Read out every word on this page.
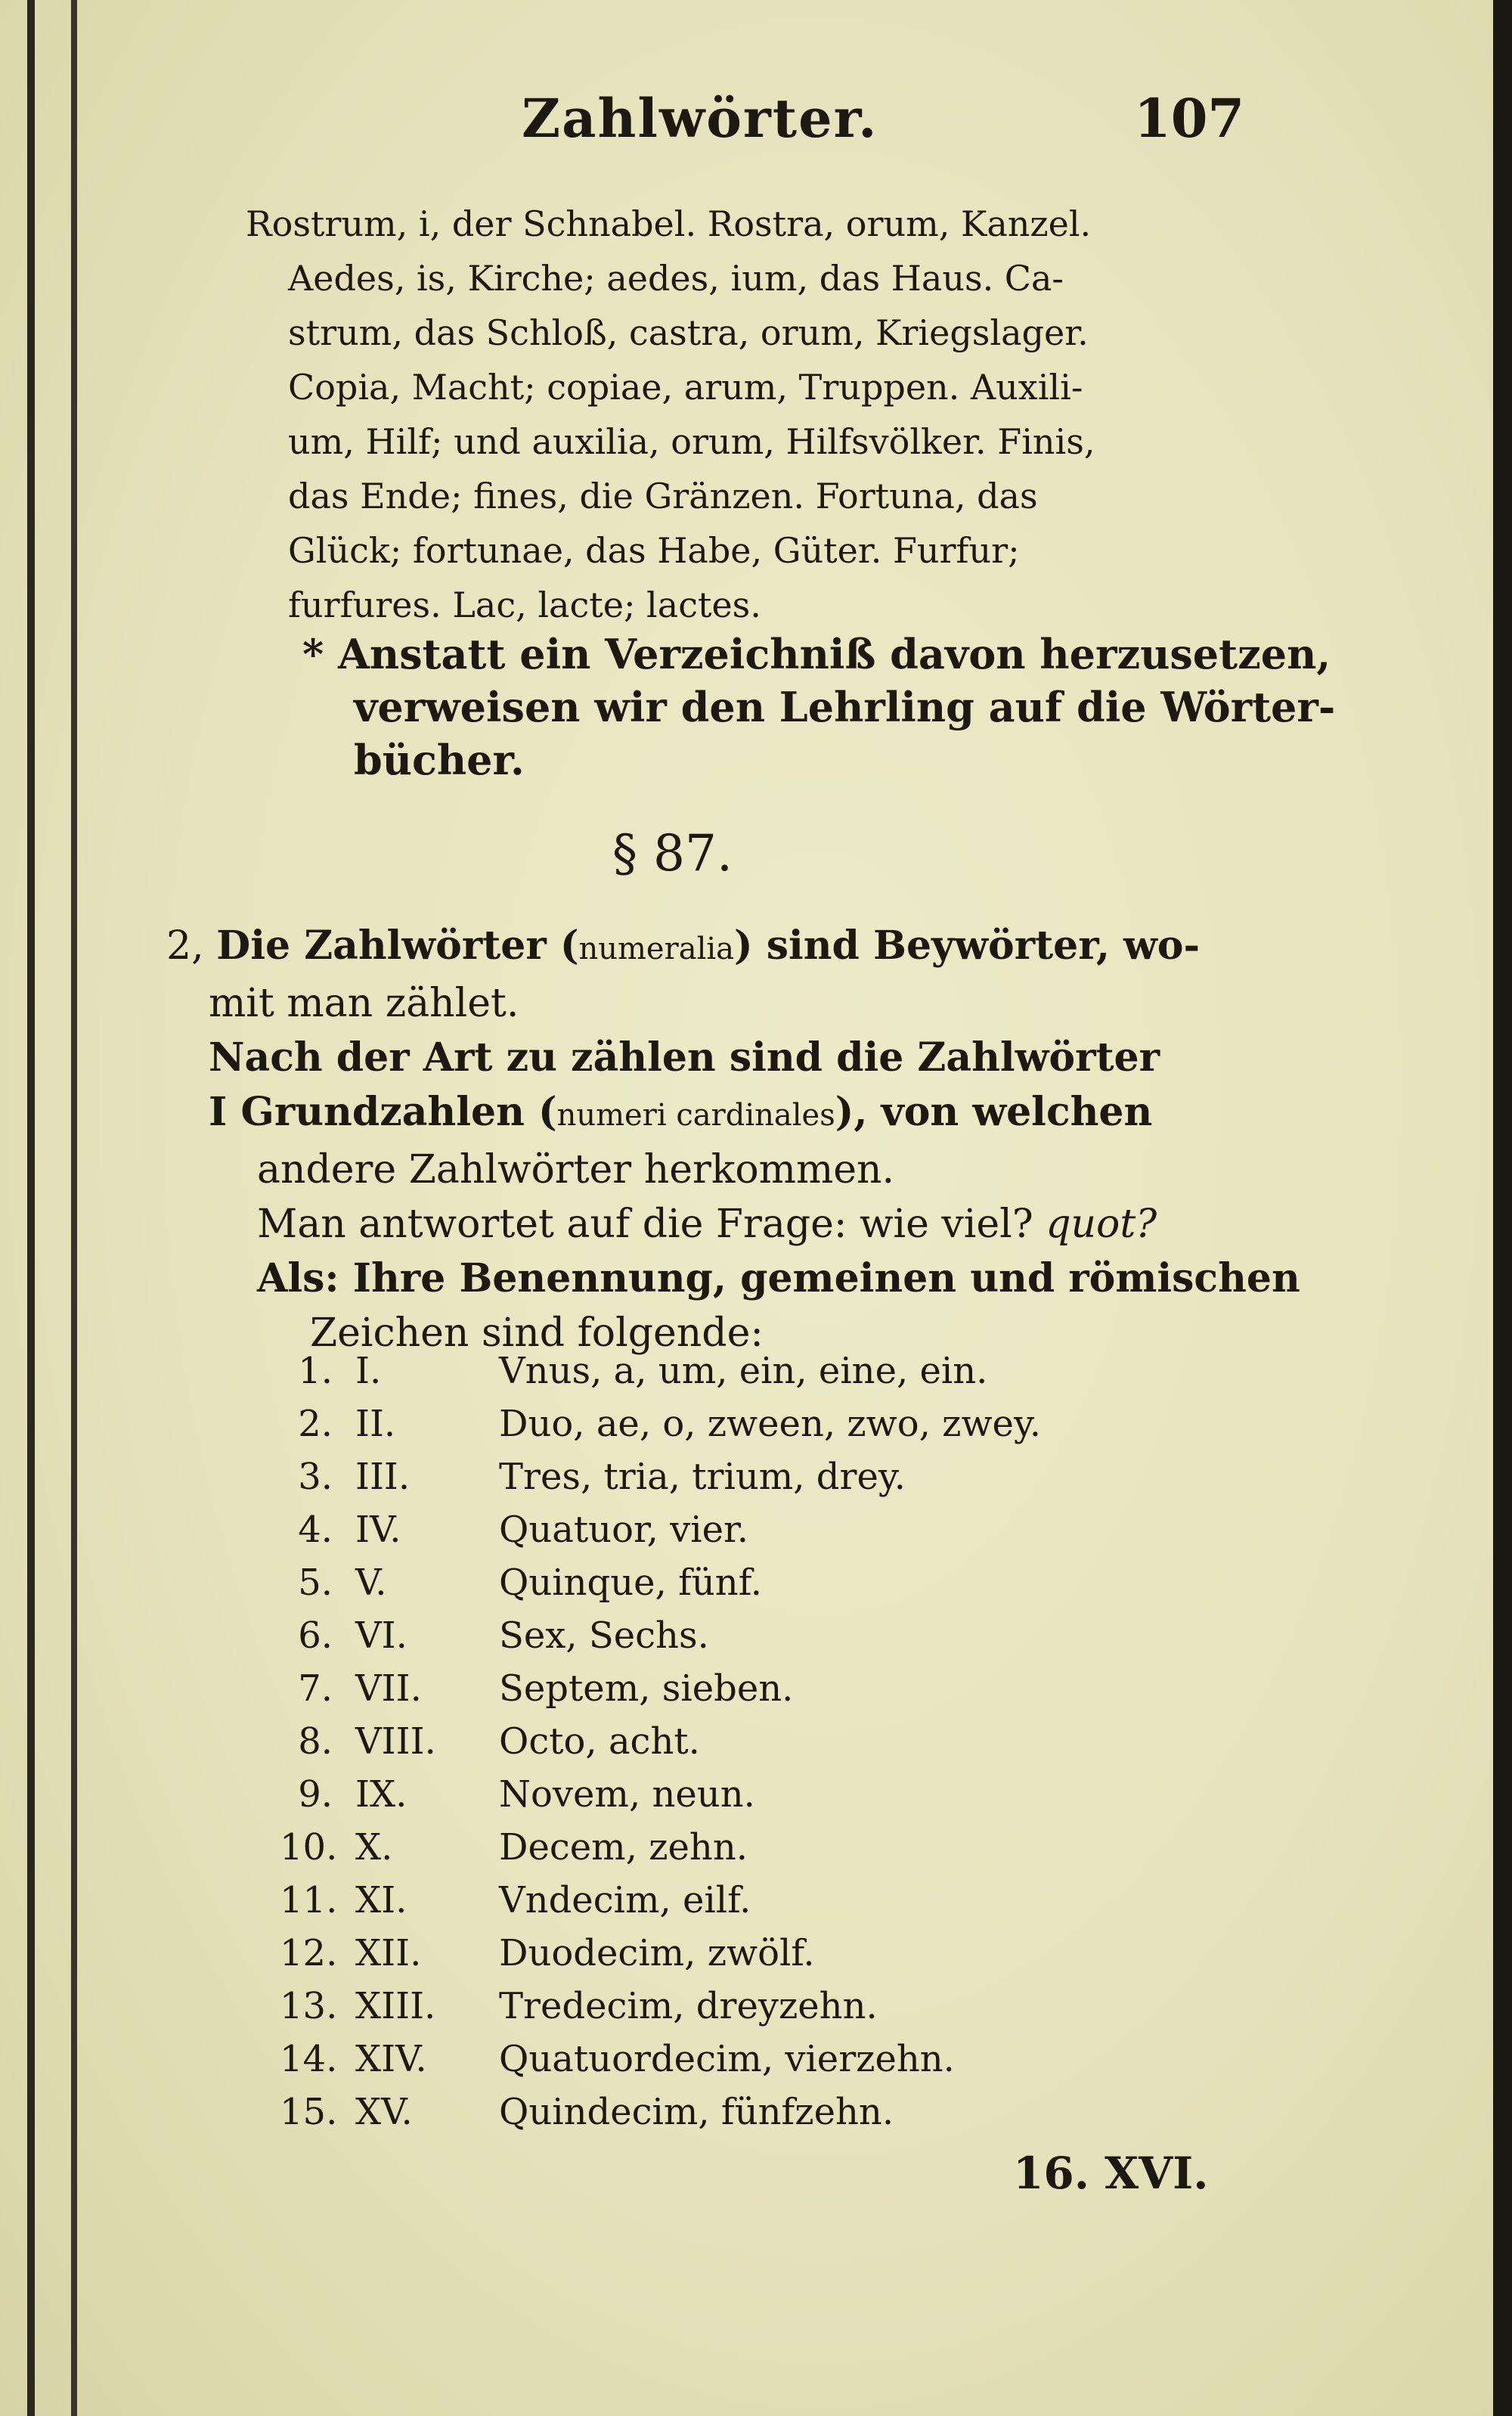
Zahlwörter.	107
Rostrum, i, der Schnabel. Rostra, orum, Kanzel.
Aedes, is, Kirche; aedes, ium, das Haus. Ca-
strum, das Schloß, castra, orum, Kriegslager.
Copia, Macht; copiae, arum, Truppen. Auxili-
um, Hilf; und auxilia, orum, Hilfsvölker. Finis,
das Ende; fines, die Gränzen. Fortuna, das
Glück; fortunae, das Habe, Güter. Furfur;
furfures. Lac, lacte; lactes.
* Anstatt ein Verzeichniß davon herzusetzen,
verweisen wir den Lehrling auf die Wörter-
bücher.
§ 87.
2, Die Zahlwörter (numeralia) sind Beywörter, wo-
mit man zählet.
Nach der Art zu zählen sind die Zahlwörter
I Grundzahlen (numeri cardinales), von welchen
andere Zahlwörter herkommen.
Man antwortet auf die Frage: wie viel? quot?
Als: Ihre Benennung, gemeinen und römischen
Zeichen sind folgende:
1. I.	Vnus, a, um, ein, eine, ein.
2. II.	Duo, ae, o, zween, zwo, zwey.
3. III. Tres, tria, trium, drey.
4. IV.	Quatuor, vier.
5. V.	Quinque, fünf.
6. VI.	Sex, Sechs.
7. VII. Septem, sieben.
8. VIII. Octo, acht.
9. IX.	Novem, neun.
10. X.	Decem, zehn.
11. XI.	Vndecim, eilf.
12. XII. Duodecim, zwölf.
13. XIII. Tredecim, dreyzehn.
14. XIV. Quatuordecim, vierzehn.
15. XV. Quindecim, fünfzehn.
16. XVI.
